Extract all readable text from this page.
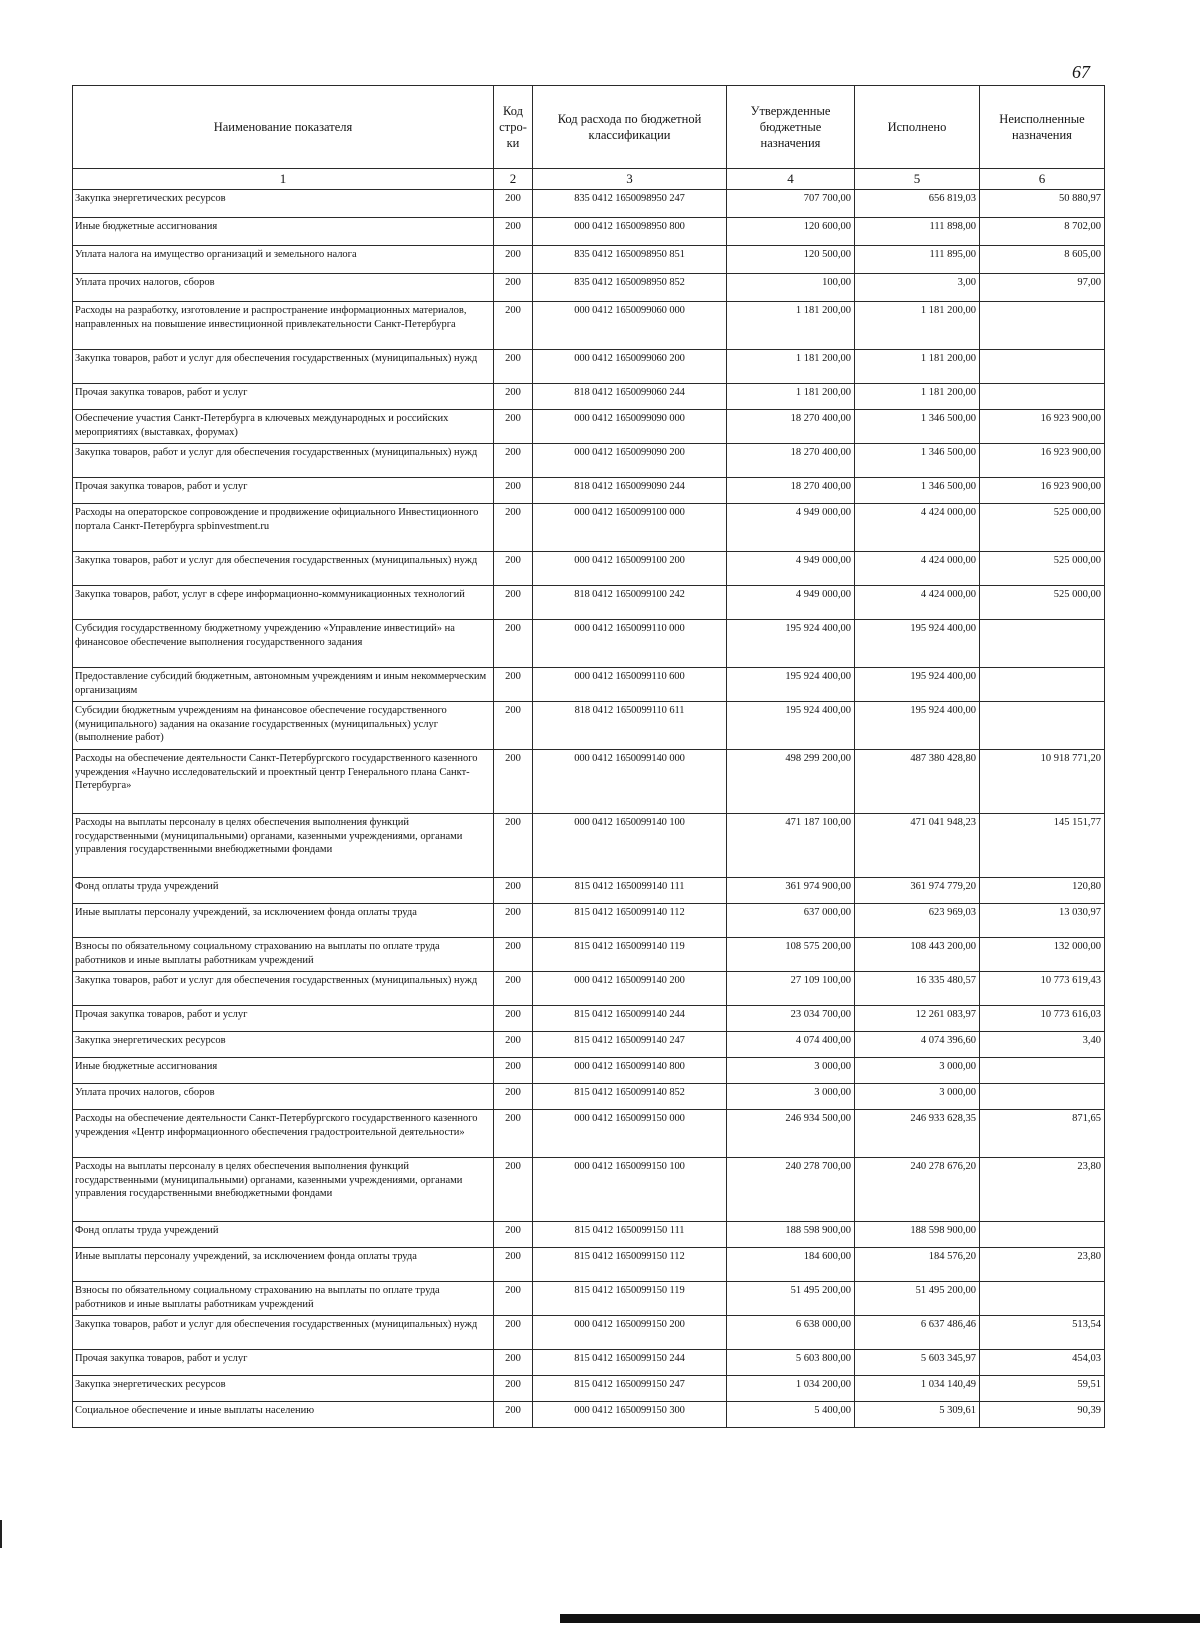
67
Наименование показателя	Код стро- ки	Код расхода по бюджетной классификации	Утвержденные бюджетные назначения	Исполнено	Неисполненные назначения
1	2	3	4	5	6
Закупка энергетических ресурсов	200	835 0412 1650098950 247	707 700,00	656 819,03	50 880,97
Иные бюджетные ассигнования	200	000 0412 1650098950 800	120 600,00	111 898,00	8 702,00
Уплата налога на имущество организаций и земельного налога	200	835 0412 1650098950 851	120 500,00	111 895,00	8 605,00
Уплата прочих налогов, сборов	200	835 0412 1650098950 852	100,00	3,00	97,00
Расходы на разработку, изготовление и распространение информационных материалов, направленных на повышение инвестиционной привлекательности Санкт-Петербурга	200	000 0412 1650099060 000	1 181 200,00	1 181 200,00	
Закупка товаров, работ и услуг для обеспечения государственных (муниципальных) нужд	200	000 0412 1650099060 200	1 181 200,00	1 181 200,00	
Прочая закупка товаров, работ и услуг	200	818 0412 1650099060 244	1 181 200,00	1 181 200,00	
Обеспечение участия Санкт-Петербурга в ключевых международных и российских мероприятиях (выставках, форумах)	200	000 0412 1650099090 000	18 270 400,00	1 346 500,00	16 923 900,00
Закупка товаров, работ и услуг для обеспечения государственных (муниципальных) нужд	200	000 0412 1650099090 200	18 270 400,00	1 346 500,00	16 923 900,00
Прочая закупка товаров, работ и услуг	200	818 0412 1650099090 244	18 270 400,00	1 346 500,00	16 923 900,00
Расходы на операторское сопровождение и продвижение официального Инвестиционного портала Санкт-Петербурга spbinvestment.ru	200	000 0412 1650099100 000	4 949 000,00	4 424 000,00	525 000,00
Закупка товаров, работ и услуг для обеспечения государственных (муниципальных) нужд	200	000 0412 1650099100 200	4 949 000,00	4 424 000,00	525 000,00
Закупка товаров, работ, услуг в сфере информационно-коммуникационных технологий	200	818 0412 1650099100 242	4 949 000,00	4 424 000,00	525 000,00
Субсидия государственному бюджетному учреждению «Управление инвестиций» на финансовое обеспечение выполнения государственного задания	200	000 0412 1650099110 000	195 924 400,00	195 924 400,00	
Предоставление субсидий бюджетным, автономным учреждениям и иным некоммерческим организациям	200	000 0412 1650099110 600	195 924 400,00	195 924 400,00	
Субсидии бюджетным учреждениям на финансовое обеспечение государственного (муниципального) задания на оказание государственных (муниципальных) услуг (выполнение работ)	200	818 0412 1650099110 611	195 924 400,00	195 924 400,00	
Расходы на обеспечение деятельности Санкт-Петербургского государственного казенного учреждения «Научно исследовательский и проектный центр Генерального плана Санкт-Петербурга»	200	000 0412 1650099140 000	498 299 200,00	487 380 428,80	10 918 771,20
Расходы на выплаты персоналу в целях обеспечения выполнения функций государственными (муниципальными) органами, казенными учреждениями, органами управления государственными внебюджетными фондами	200	000 0412 1650099140 100	471 187 100,00	471 041 948,23	145 151,77
Фонд оплаты труда учреждений	200	815 0412 1650099140 111	361 974 900,00	361 974 779,20	120,80
Иные выплаты персоналу учреждений, за исключением фонда оплаты труда	200	815 0412 1650099140 112	637 000,00	623 969,03	13 030,97
Взносы по обязательному социальному страхованию на выплаты по оплате труда работников и иные выплаты работникам учреждений	200	815 0412 1650099140 119	108 575 200,00	108 443 200,00	132 000,00
Закупка товаров, работ и услуг для обеспечения государственных (муниципальных) нужд	200	000 0412 1650099140 200	27 109 100,00	16 335 480,57	10 773 619,43
Прочая закупка товаров, работ и услуг	200	815 0412 1650099140 244	23 034 700,00	12 261 083,97	10 773 616,03
Закупка энергетических ресурсов	200	815 0412 1650099140 247	4 074 400,00	4 074 396,60	3,40
Иные бюджетные ассигнования	200	000 0412 1650099140 800	3 000,00	3 000,00	
Уплата прочих налогов, сборов	200	815 0412 1650099140 852	3 000,00	3 000,00	
Расходы на обеспечение деятельности Санкт-Петербургского государственного казенного учреждения «Центр информационного обеспечения градостроительной деятельности»	200	000 0412 1650099150 000	246 934 500,00	246 933 628,35	871,65
Расходы на выплаты персоналу в целях обеспечения выполнения функций государственными (муниципальными) органами, казенными учреждениями, органами управления государственными внебюджетными фондами	200	000 0412 1650099150 100	240 278 700,00	240 278 676,20	23,80
Фонд оплаты труда учреждений	200	815 0412 1650099150 111	188 598 900,00	188 598 900,00	
Иные выплаты персоналу учреждений, за исключением фонда оплаты труда	200	815 0412 1650099150 112	184 600,00	184 576,20	23,80
Взносы по обязательному социальному страхованию на выплаты по оплате труда работников и иные выплаты работникам учреждений	200	815 0412 1650099150 119	51 495 200,00	51 495 200,00	
Закупка товаров, работ и услуг для обеспечения государственных (муниципальных) нужд	200	000 0412 1650099150 200	6 638 000,00	6 637 486,46	513,54
Прочая закупка товаров, работ и услуг	200	815 0412 1650099150 244	5 603 800,00	5 603 345,97	454,03
Закупка энергетических ресурсов	200	815 0412 1650099150 247	1 034 200,00	1 034 140,49	59,51
Социальное обеспечение и иные выплаты населению	200	000 0412 1650099150 300	5 400,00	5 309,61	90,39
